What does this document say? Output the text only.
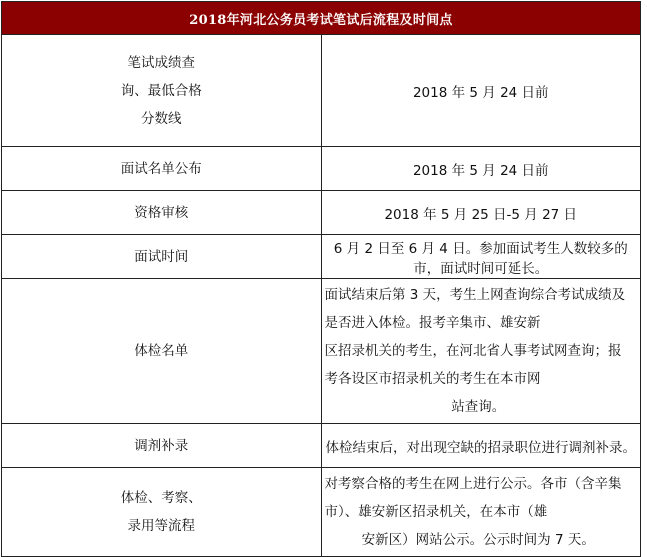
2018年河北公务员考试笔试后流程及时间点	

笔试成绩查
询、最低合格
分数线	2018 年 5 月 24 日前
面试名单公布	2018 年 5 月 24 日前
资格审核	2018 年 5 月 25 日-5 月 27 日
面试时间	6 月 2 日至 6 月 4 日。参加面试考生人数较多的市，面试时间可延长。
体检名单	面试结束后第 3 天，考生上网查询综合考试成绩及是否进入体检。报考辛集市、雄安新
区招录机关的考生，在河北省人事考试网查询；报考各设区市招录机关的考生在本市网
站查询。

调剂补录	体检结束后，对出现空缺的招录职位进行调剂补录。

体检、考察、
录用等流程	对考察合格的考生在网上进行公示。各市（含辛集市）、雄安新区招录机关，在本市（雄
安新区）网站公示。公示时间为 7 天。
